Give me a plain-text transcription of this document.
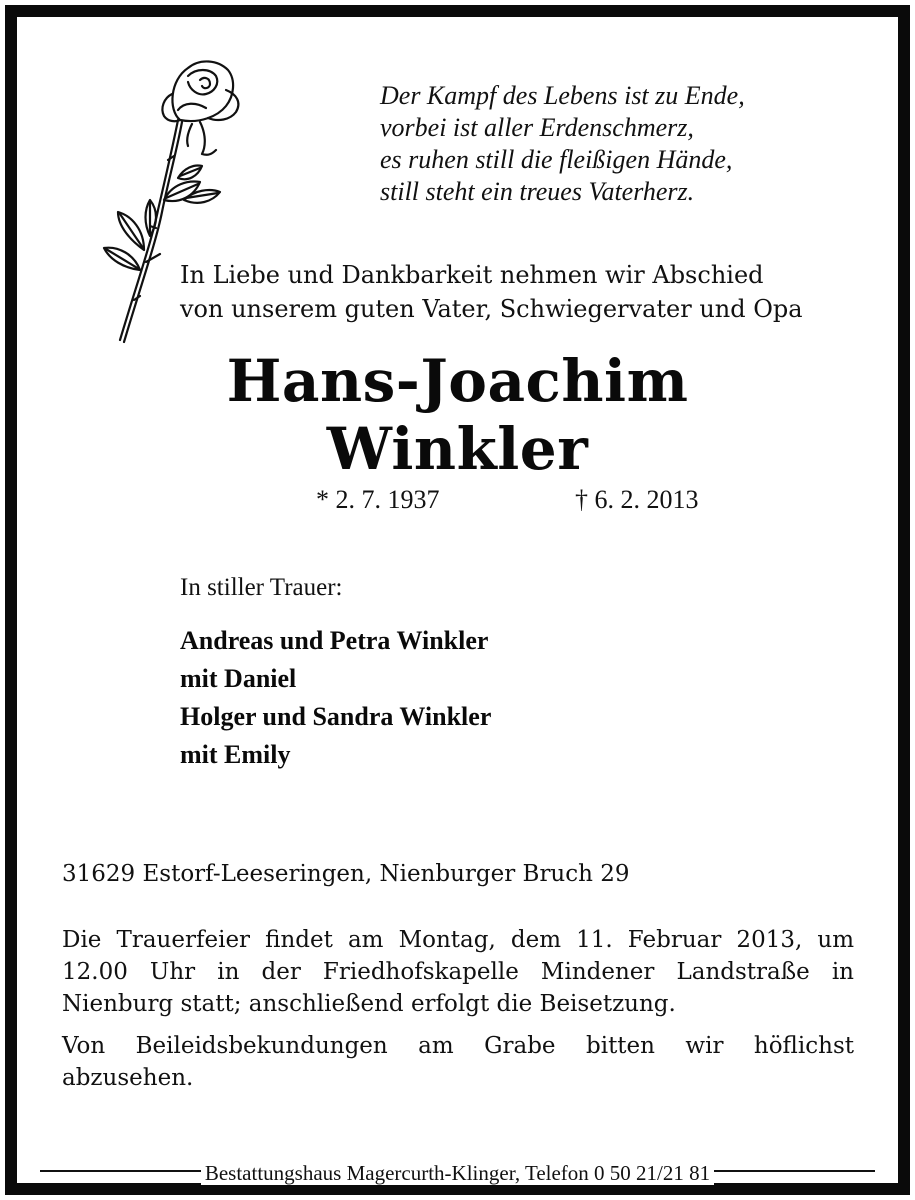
Der Kampf des Lebens ist zu Ende,
vorbei ist aller Erdenschmerz,
es ruhen still die fleißigen Hände,
still steht ein treues Vaterherz.
In Liebe und Dankbarkeit nehmen wir Abschied
von unserem guten Vater, Schwiegervater und Opa
Hans-Joachim
Winkler
* 2. 7. 1937	† 6. 2. 2013
In stiller Trauer:
Andreas und Petra Winkler
mit Daniel
Holger und Sandra Winkler
mit Emily
31629 Estorf-Leeseringen, Nienburger Bruch 29
Die Trauerfeier findet am Montag, dem 11. Februar 2013, um
12.00 Uhr in der Friedhofskapelle Mindener Landstraße in
Nienburg statt; anschließend erfolgt die Beisetzung.
Von Beileidsbekundungen am Grabe bitten wir höflichst
abzusehen.
Bestattungshaus Magercurth-Klinger, Telefon 0 50 21/21 81
